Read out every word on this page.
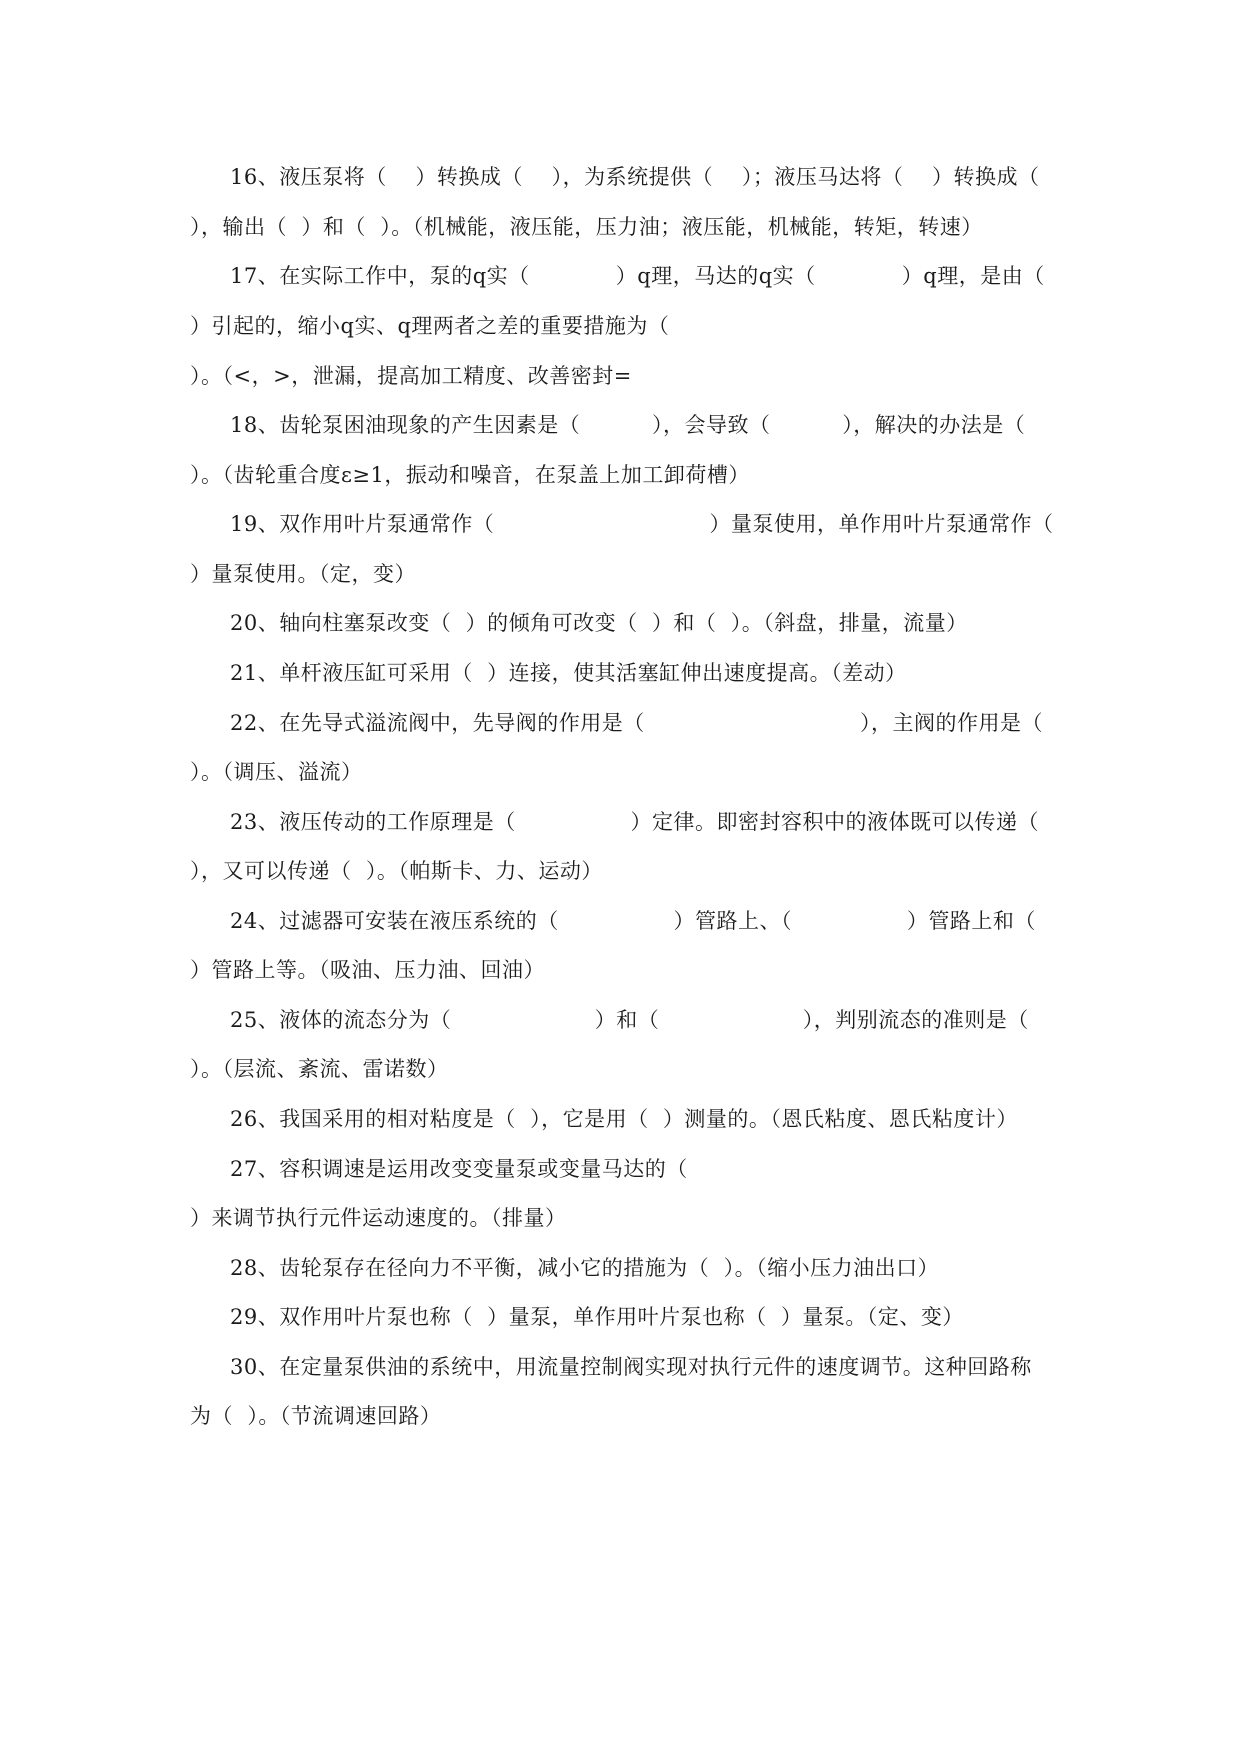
16、液压泵将（    ）转换成（    ），为系统提供（    ）；液压马达将（    ）转换成（
），输出（  ）和（  ）。（机械能，液压能，压力油；液压能，机械能，转矩，转速）
17、在实际工作中，泵的q实（            ）q理，马达的q实（            ）q理，是由（
）引起的，缩小q实、q理两者之差的重要措施为（
）。（<，>，泄漏，提高加工精度、改善密封=
18、齿轮泵困油现象的产生因素是（          ），会导致（          ），解决的办法是（
）。（齿轮重合度ε≥1，振动和噪音，在泵盖上加工卸荷槽）
19、双作用叶片泵通常作（                              ）量泵使用，单作用叶片泵通常作（
）量泵使用。（定，变）
20、轴向柱塞泵改变（  ）的倾角可改变（  ）和（  ）。（斜盘，排量，流量）
21、单杆液压缸可采用（  ）连接，使其活塞缸伸出速度提高。（差动）
22、在先导式溢流阀中，先导阀的作用是（                              ），主阀的作用是（
）。（调压、溢流）
23、液压传动的工作原理是（                ）定律。即密封容积中的液体既可以传递（
），又可以传递（  ）。（帕斯卡、力、运动）
24、过滤器可安装在液压系统的（                ）管路上、（                ）管路上和（
）管路上等。（吸油、压力油、回油）
25、液体的流态分为（                    ）和（                    ），判别流态的准则是（
）。（层流、紊流、雷诺数）
26、我国采用的相对粘度是（  ），它是用（  ）测量的。（恩氏粘度、恩氏粘度计）
27、容积调速是运用改变变量泵或变量马达的（
）来调节执行元件运动速度的。（排量）
28、齿轮泵存在径向力不平衡，减小它的措施为（  ）。（缩小压力油出口）
29、双作用叶片泵也称（  ）量泵，单作用叶片泵也称（  ）量泵。（定、变）
30、在定量泵供油的系统中，用流量控制阀实现对执行元件的速度调节。这种回路称
为（  ）。（节流调速回路）
